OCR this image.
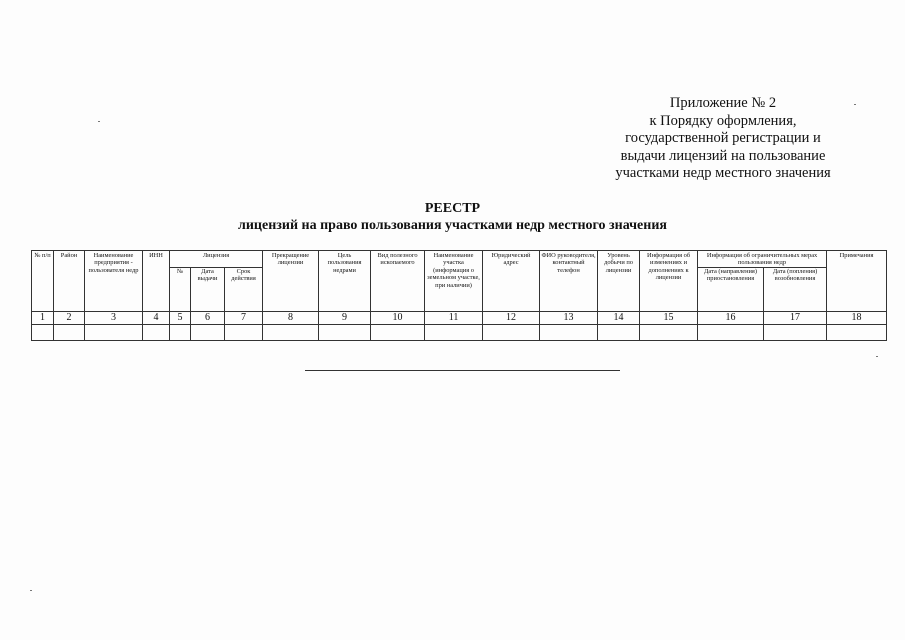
Приложение № 2
к Порядку оформления,
государственной регистрации и
выдачи лицензий на пользование
участками недр местного значения
РЕЕСТР
лицензий на право пользования участками недр местного значения
№ п/п	Район	Наименование предприятия - пользователя недр	ИНН	Лицензия			Прекращение лицензии	Цель пользования недрами	Вид полезного ископаемого	Наименование участка (информация о земельном участке, при наличии)	Юридический адрес	ФИО руководителя, контактный телефон	Уровень добычи по лицензии	Информация об изменениях и дополнениях к лицензии	Информация об ограничительных мерах пользования недр		Примечания
				№	Дата выдачи	Срок действия									Дата (направления) приостановления	Дата (попления) возобновления	
1	2	3	4	5	6	7	8	9	10	11	12	13	14	15	16	17	18
